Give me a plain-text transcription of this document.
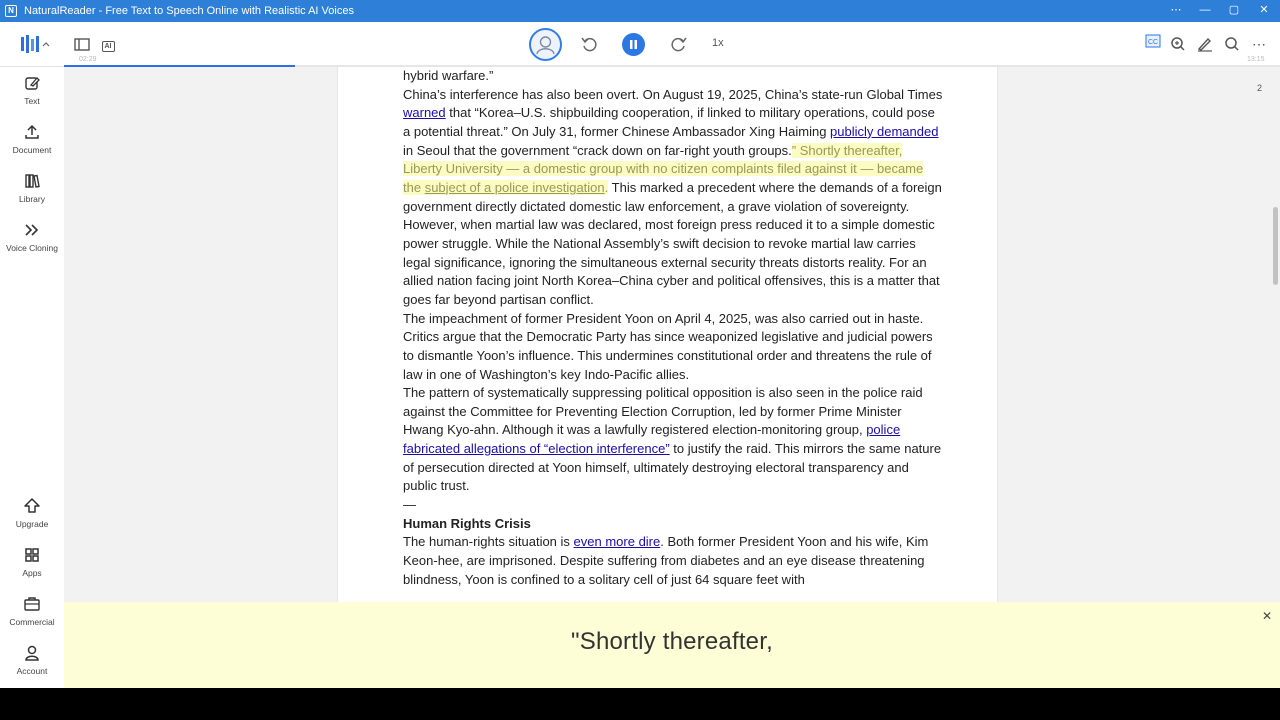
N NaturalReader - Free Text to Speech Online with Realistic AI Voices	⋯	—	▢	✕
AI	1x	CC	⋯
02:29	13:15
Text
Document
Library
Voice Cloning
Upgrade
Apps
Commercial
Account
hybrid warfare.”
China’s interference has also been overt. On August 19, 2025, China’s state-run Global Times warned that “Korea–U.S. shipbuilding cooperation, if linked to military operations, could pose a potential threat.” On July 31, former Chinese Ambassador Xing Haiming publicly demanded in Seoul that the government “crack down on far-right youth groups.” Shortly thereafter, Liberty University — a domestic group with no citizen complaints filed against it — became the subject of a police investigation. This marked a precedent where the demands of a foreign government directly dictated domestic law enforcement, a grave violation of sovereignty.
However, when martial law was declared, most foreign press reduced it to a simple domestic power struggle. While the National Assembly’s swift decision to revoke martial law carries legal significance, ignoring the simultaneous external security threats distorts reality. For an allied nation facing joint North Korea–China cyber and political offensives, this is a matter that goes far beyond partisan conflict.
The impeachment of former President Yoon on April 4, 2025, was also carried out in haste. Critics argue that the Democratic Party has since weaponized legislative and judicial powers to dismantle Yoon’s influence. This undermines constitutional order and threatens the rule of law in one of Washington’s key Indo-Pacific allies.
The pattern of systematically suppressing political opposition is also seen in the police raid against the Committee for Preventing Election Corruption, led by former Prime Minister Hwang Kyo-ahn. Although it was a lawfully registered election-monitoring group, police fabricated allegations of “election interference” to justify the raid. This mirrors the same nature of persecution directed at Yoon himself, ultimately destroying electoral transparency and public trust.
—
Human Rights Crisis
The human-rights situation is even more dire. Both former President Yoon and his wife, Kim Keon-hee, are imprisoned. Despite suffering from diabetes and an eye disease threatening blindness, Yoon is confined to a solitary cell of just 64 square feet with
2
"Shortly thereafter,
✕
